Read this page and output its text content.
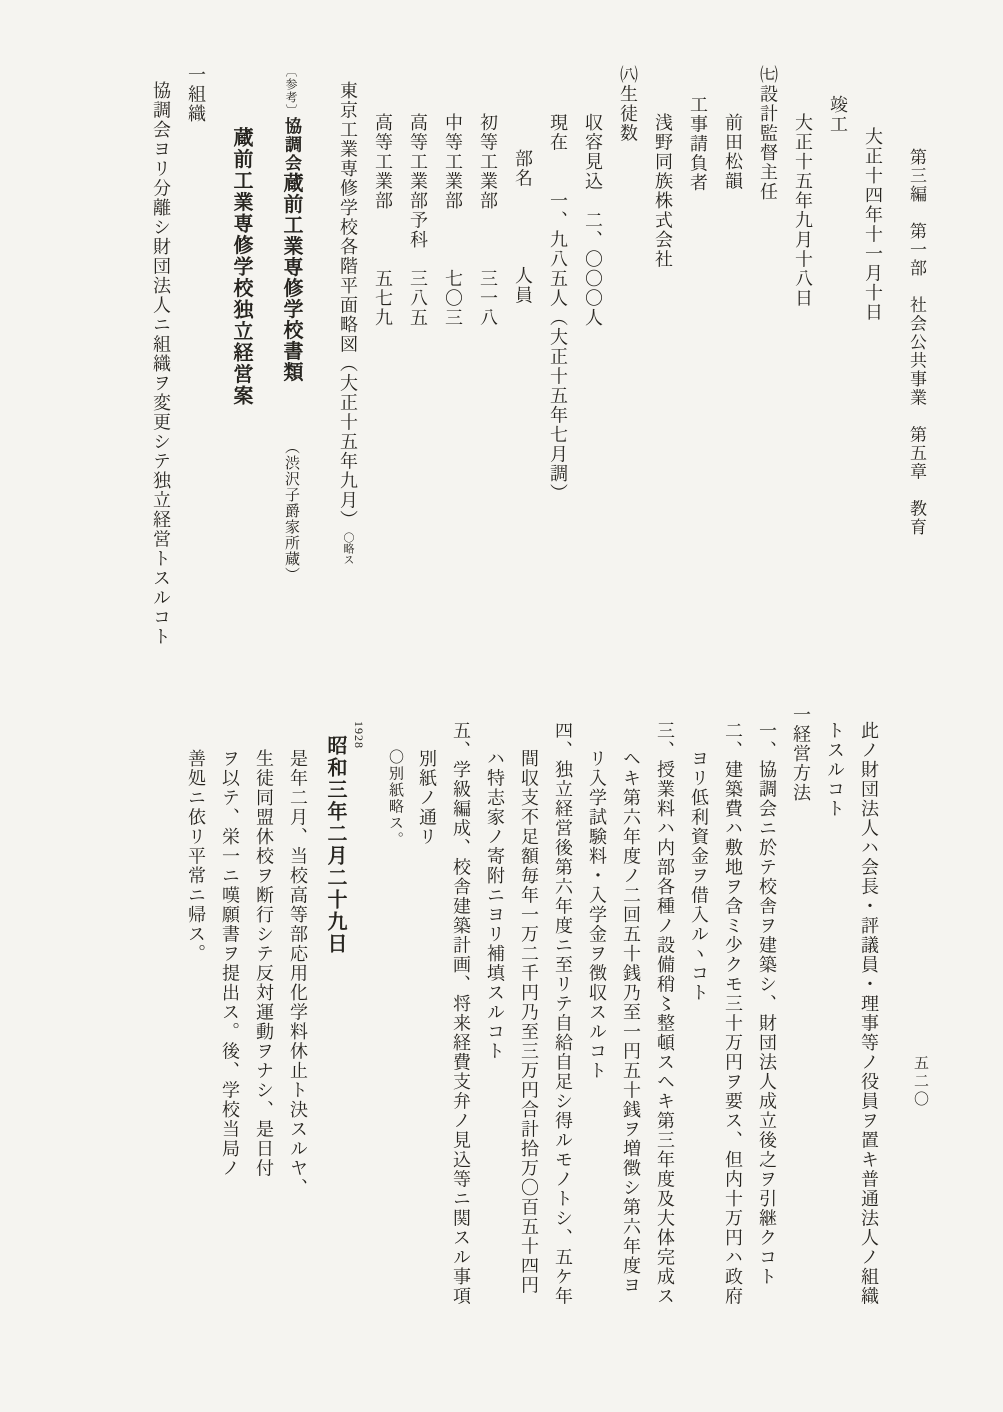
第三編　第一部　社会公共事業　第五章　教育
五二〇
大正十四年十一月十日
竣工
大正十五年九月十八日
㈦設計監督主任
前田松韻
工事請負者
浅野同族株式会社
㈧生徒数
収容見込　二、〇〇〇人
現在　　一、九八五人（大正十五年七月調）
部名　　　　人員
初等工業部　　　三一八
中等工業部　　　七〇三
高等工業部予科　三八五
高等工業部　　　五七九
東京工業専修学校各階平面略図（大正十五年九月）〇略ス
〔参考〕協調会蔵前工業専修学校書類　　　　（渋沢子爵家所蔵）
蔵前工業専修学校独立経営案
一組織
協調会ヨリ分離シ財団法人ニ組織ヲ変更シテ独立経営トスルコト
此ノ財団法人ハ会長・評議員・理事等ノ役員ヲ置キ普通法人ノ組織
トスルコト
一経営方法
一、協調会ニ於テ校舎ヲ建築シ、財団法人成立後之ヲ引継クコト
二、建築費ハ敷地ヲ含ミ少クモ三十万円ヲ要ス、但内十万円ハ政府
ヨリ低利資金ヲ借入ルヽコト
三、授業料ハ内部各種ノ設備稍〻整頓スヘキ第三年度及大体完成ス
ヘキ第六年度ノ二回五十銭乃至一円五十銭ヲ増徴シ第六年度ヨ
リ入学試験料・入学金ヲ徴収スルコト
四、独立経営後第六年度ニ至リテ自給自足シ得ルモノトシ、五ケ年
間収支不足額毎年一万二千円乃至三万円合計拾万〇百五十四円
ハ特志家ノ寄附ニヨリ補填スルコト
五、学級編成、校舎建築計画、将来経費支弁ノ見込等ニ関スル事項
別紙ノ通リ
〇別紙略ス。
1928
昭和三年二月二十九日
是年二月、当校高等部応用化学料休止ト決スルヤ、
生徒同盟休校ヲ断行シテ反対運動ヲナシ、是日付
ヲ以テ、栄一ニ嘆願書ヲ提出ス。後、学校当局ノ
善処ニ依リ平常ニ帰ス。
